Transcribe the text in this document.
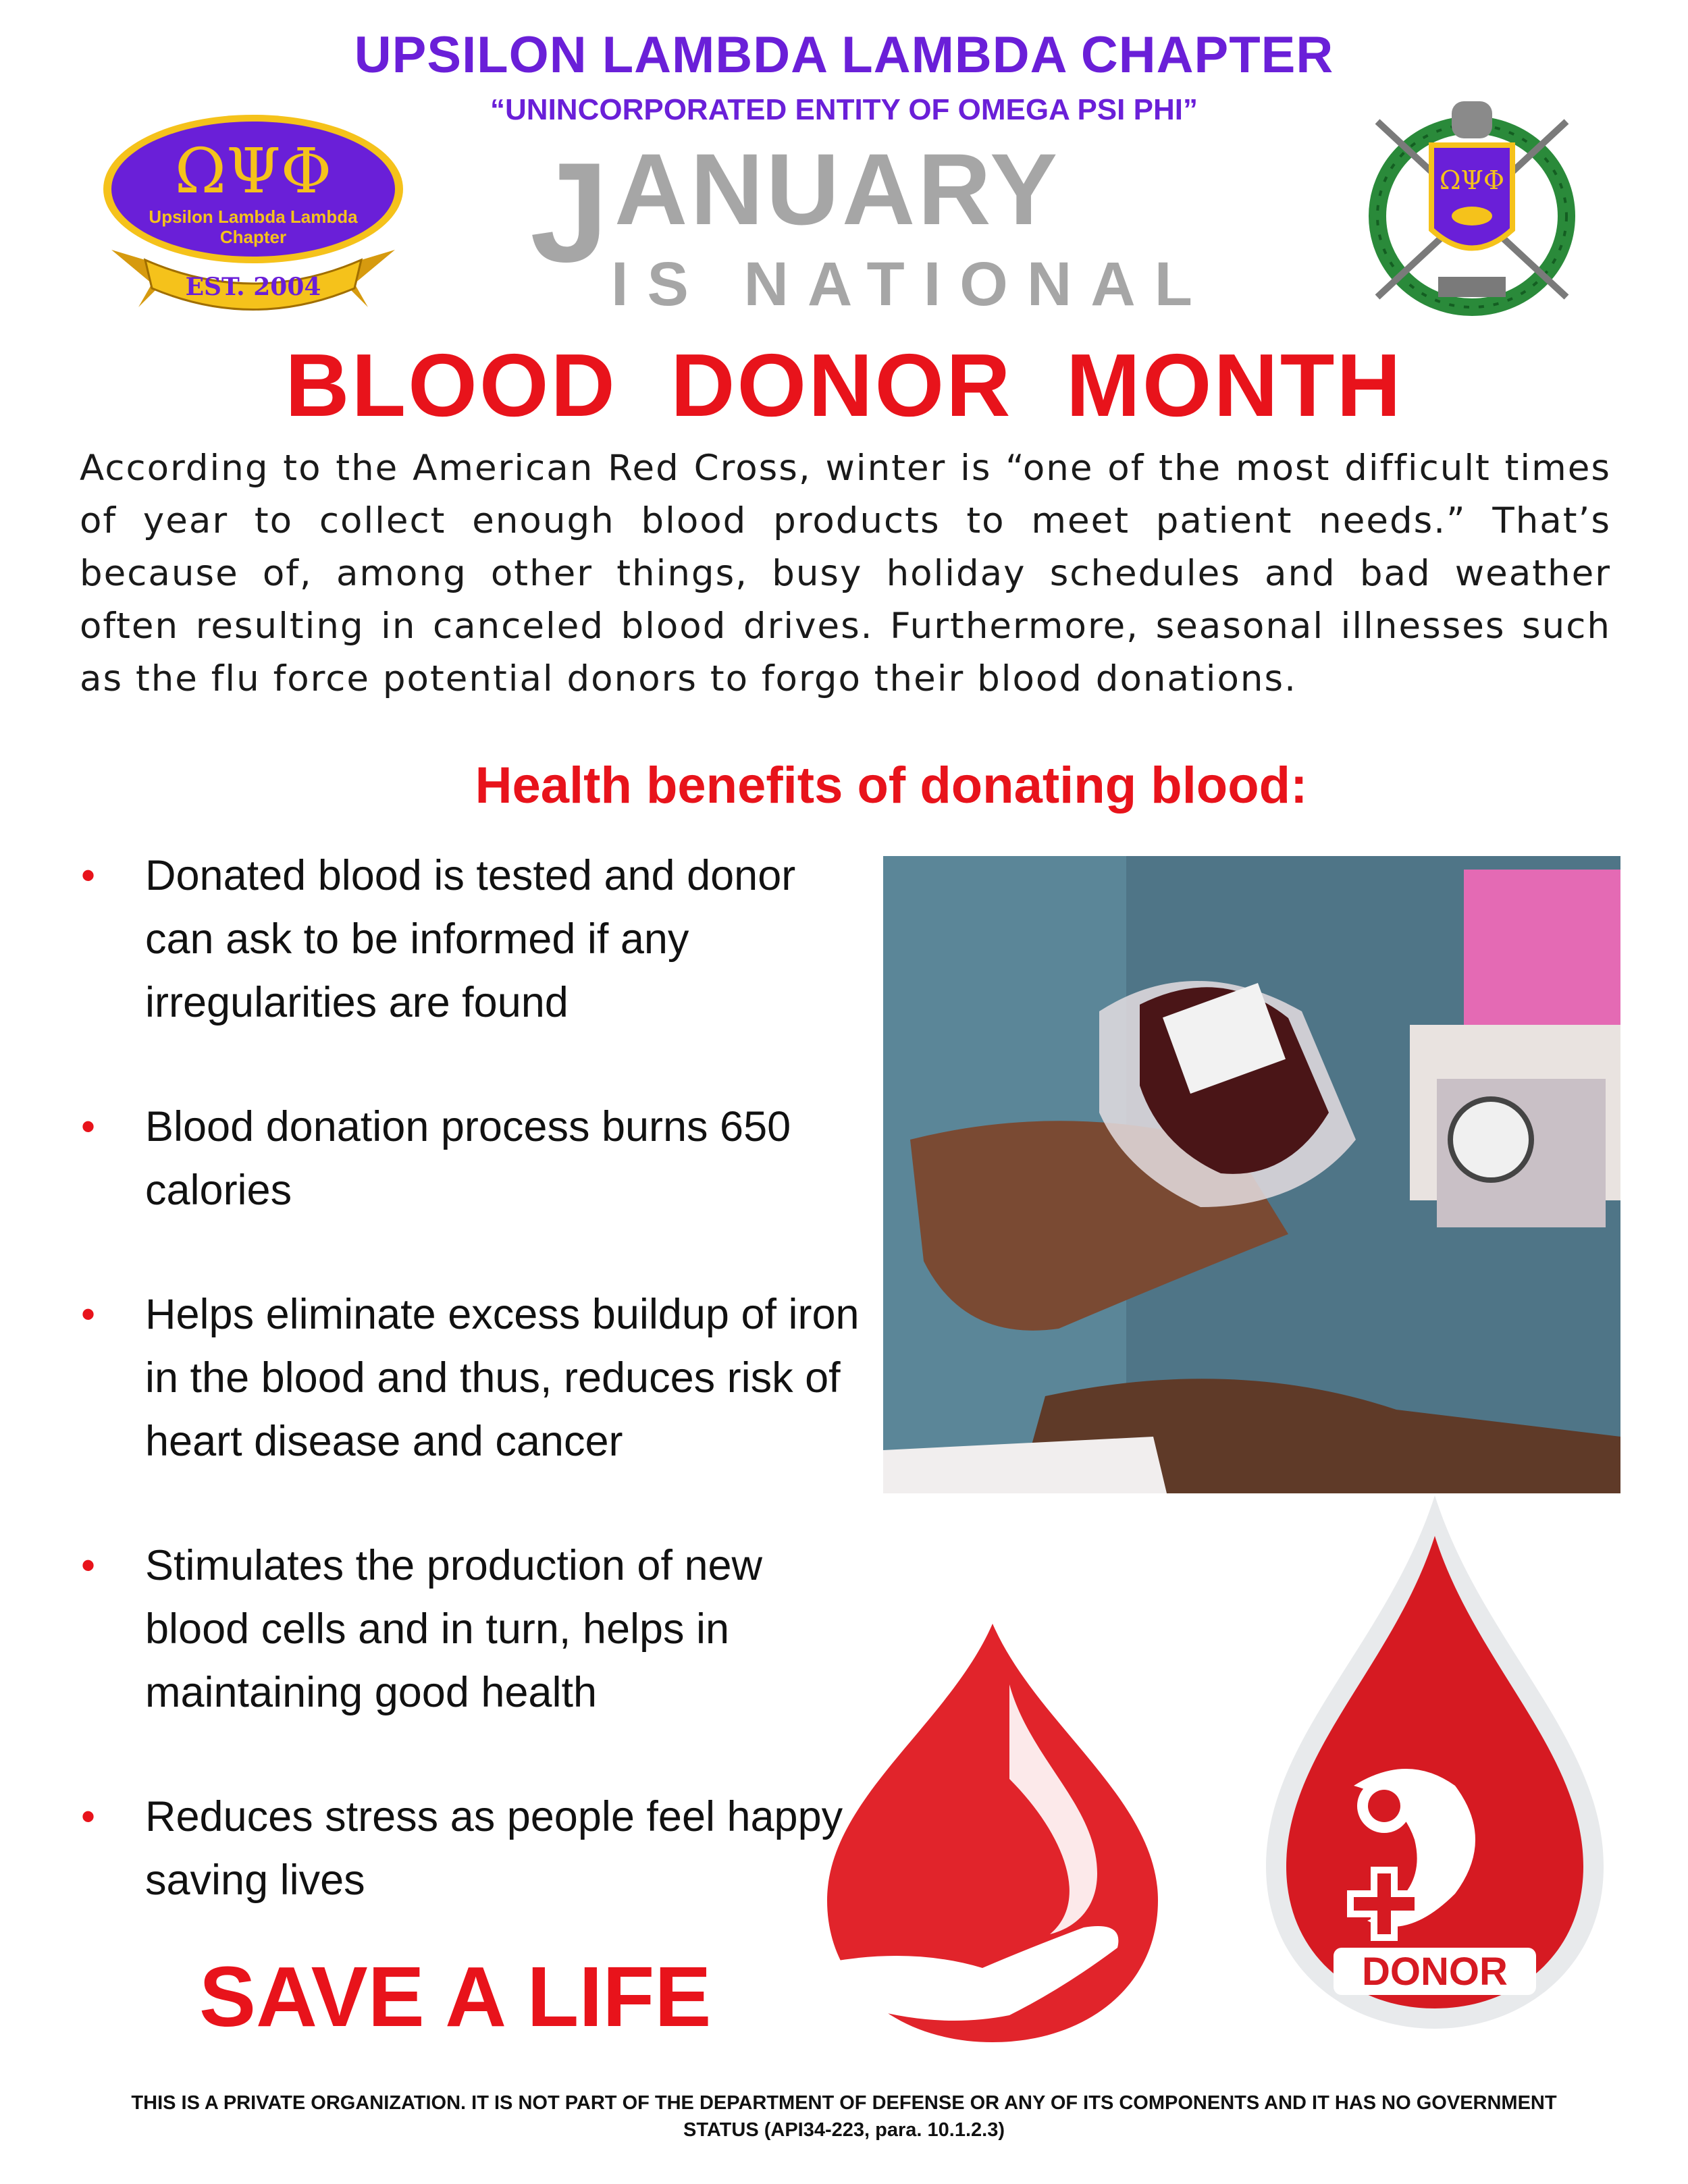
UPSILON LAMBDA LAMBDA CHAPTER
“UNINCORPORATED ENTITY OF OMEGA PSI PHI”
ΩΨΦ
Upsilon Lambda Lambda
Chapter
EST. 2004
ΩΨΦ
J ANUARY
IS NATIONAL
BLOOD  DONOR  MONTH
According to the American Red Cross, winter is “one of the most difficult times of year to collect enough blood products to meet patient needs.” That’s because of, among other things, busy holiday schedules and bad weather often resulting in canceled blood drives. Furthermore, seasonal illnesses such as the flu force potential donors to forgo their blood donations.
Health benefits of donating blood:
• Donated blood is tested and donor can ask to be informed if any irregularities are found
• Blood donation process burns 650 calories
• Helps eliminate excess buildup of iron in the blood and thus, reduces risk of heart disease and cancer
• Stimulates the production of new blood cells and in turn, helps in maintaining good health
• Reduces stress as people feel happy saving lives
DONOR
SAVE A LIFE
THIS IS A PRIVATE ORGANIZATION. IT IS NOT PART OF THE DEPARTMENT OF DEFENSE OR ANY OF ITS COMPONENTS AND IT HAS NO GOVERNMENT STATUS (API34-223, para. 10.1.2.3)
